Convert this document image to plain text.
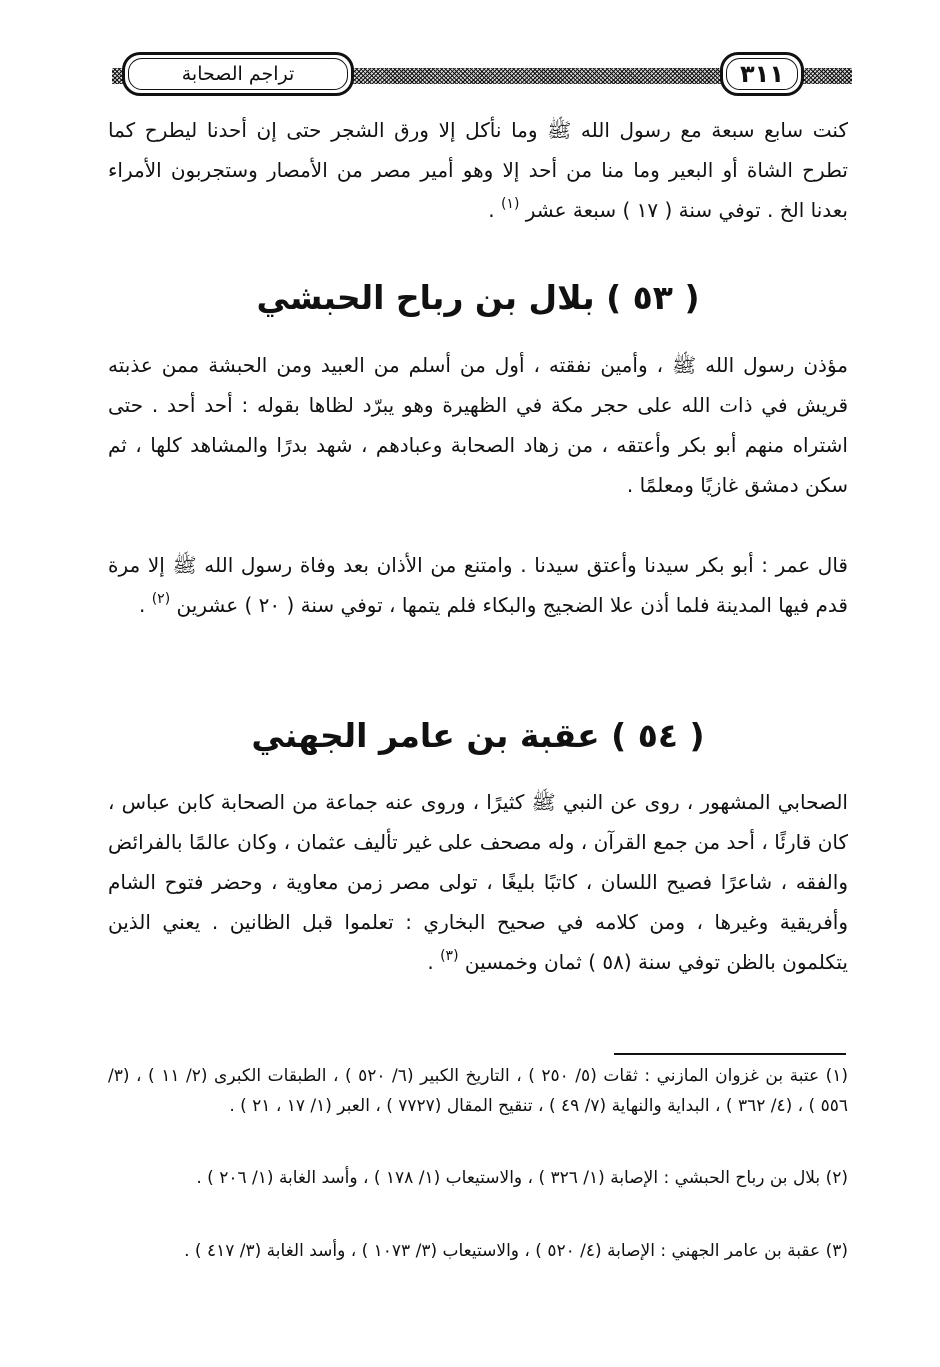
تراجم الصحابة	٣١١
كنت سابع سبعة مع رسول الله ﷺ وما نأكل إلا ورق الشجر حتى إن أحدنا ليطرح كما تطرح الشاة أو البعير وما منا من أحد إلا وهو أمير مصر من الأمصار وستجربون الأمراء بعدنا الخ . توفي سنة ( ١٧ ) سبعة عشر $^{(١)}$ .
( ٥٣ ) بلال بن رباح الحبشي
مؤذن رسول الله ﷺ ، وأمين نفقته ، أول من أسلم من العبيد ومن الحبشة ممن عذبته قريش في ذات الله على حجر مكة في الظهيرة وهو يبرّد لظاها بقوله : أحد أحد . حتى اشتراه منهم أبو بكر وأعتقه ، من زهاد الصحابة وعبادهم ، شهد بدرًا والمشاهد كلها ، ثم سكن دمشق غازيًا ومعلمًا .
قال عمر : أبو بكر سيدنا وأعتق سيدنا . وامتنع من الأذان بعد وفاة رسول الله ﷺ إلا مرة قدم فيها المدينة فلما أذن علا الضجيج والبكاء فلم يتمها ، توفي سنة ( ٢٠ ) عشرين $^{(٢)}$ .
( ٥٤ ) عقبة بن عامر الجهني
الصحابي المشهور ، روى عن النبي ﷺ كثيرًا ، وروى عنه جماعة من الصحابة كابن عباس ، كان قارئًا ، أحد من جمع القرآن ، وله مصحف على غير تأليف عثمان ، وكان عالمًا بالفرائض والفقه ، شاعرًا فصيح اللسان ، كاتبًا بليغًا ، تولى مصر زمن معاوية ، وحضر فتوح الشام وأفريقية وغيرها ، ومن كلامه في صحيح البخاري : تعلموا قبل الظانين . يعني الذين يتكلمون بالظن توفي سنة (٥٨ ) ثمان وخمسين $^{(٣)}$ .
(١) عتبة بن غزوان المازني : ثقات (٥/ ٢٥٠ ) ، التاريخ الكبير (٦/ ٥٢٠ ) ، الطبقات الكبرى (٢/ ١١ ) ، (٣/ ٥٥٦ ) ، (٤/ ٣٦٢ ) ، البداية والنهاية (٧/ ٤٩ ) ، تنقيح المقال (٧٧٢٧ ) ، العبر (١/ ١٧ ، ٢١ ) .
(٢) بلال بن رباح الحبشي : الإصابة (١/ ٣٢٦ ) ، والاستيعاب (١/ ١٧٨ ) ، وأسد الغابة (١/ ٢٠٦ ) .
(٣) عقبة بن عامر الجهني : الإصابة (٤/ ٥٢٠ ) ، والاستيعاب (٣/ ١٠٧٣ ) ، وأسد الغابة (٣/ ٤١٧ ) .
